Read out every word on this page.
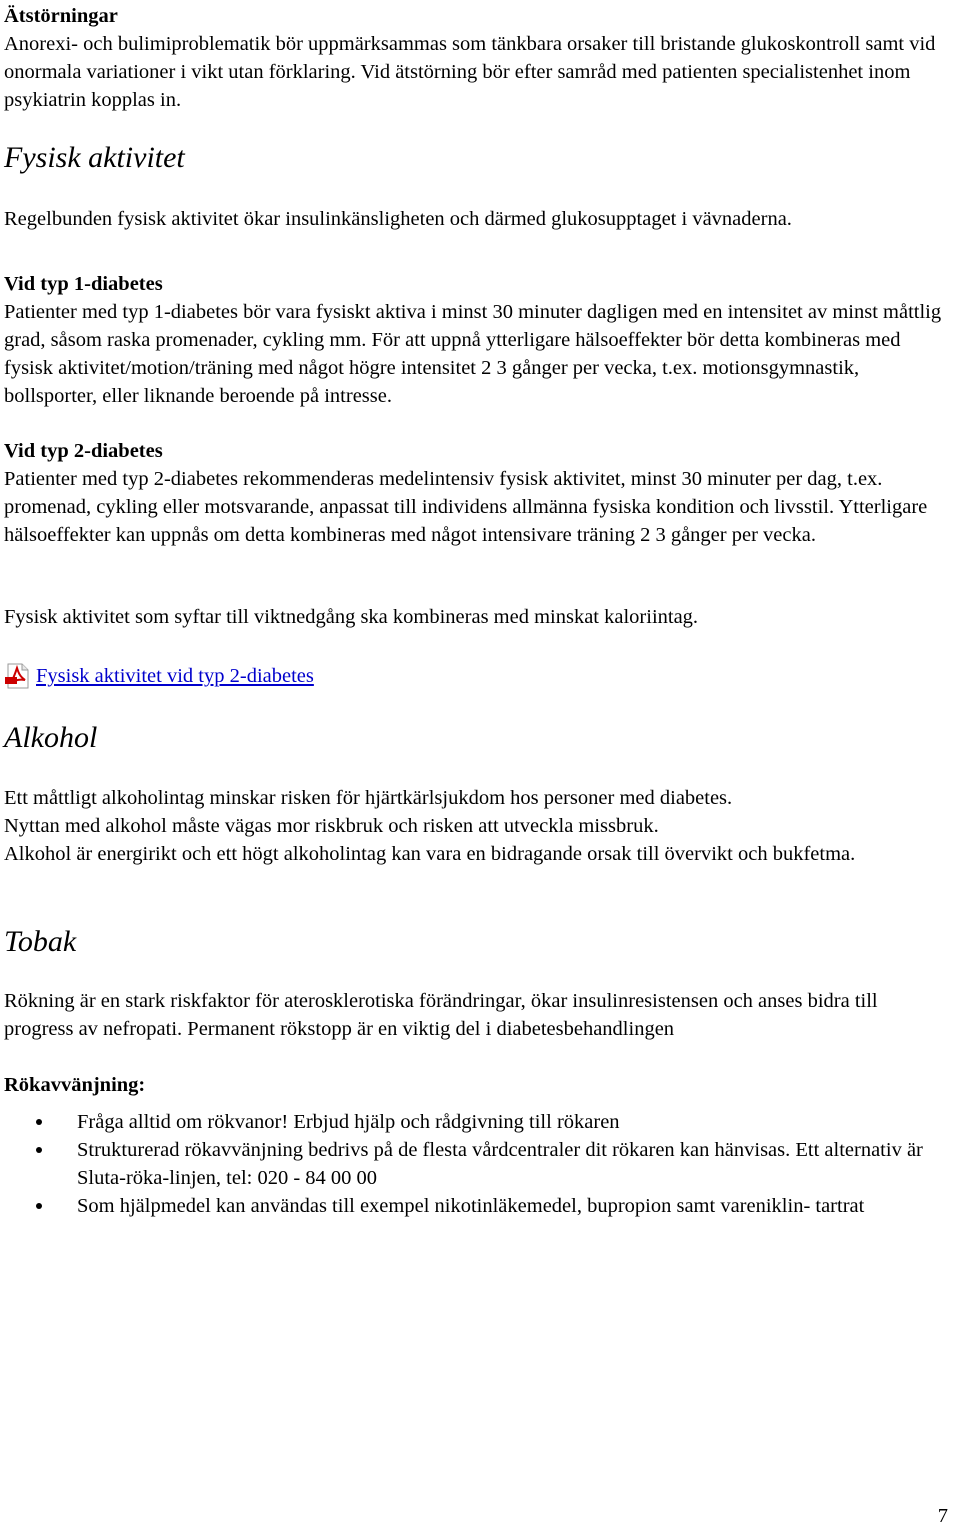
Ätstörningar

Anorexi- och bulimiproblematik bör uppmärksammas som tänkbara orsaker till bristande glukoskontroll samt vid onormala variationer i vikt utan förklaring. Vid ätstörning bör efter samråd med patienten specialistenhet inom psykiatrin kopplas in.

Fysisk aktivitet

Regelbunden fysisk aktivitet ökar insulinkänsligheten och därmed glukosupptaget i vävnaderna.

Vid typ 1-diabetes

Patienter med typ 1-diabetes bör vara fysiskt aktiva i minst 30 minuter dagligen med en intensitet av minst måttlig grad, såsom raska promenader, cykling mm. För att uppnå ytterligare hälsoeffekter bör detta kombineras med fysisk aktivitet/motion/träning med något högre intensitet 2 3 gånger per vecka, t.ex. motionsgymnastik, bollsporter, eller liknande beroende på intresse.

Vid typ 2-diabetes

Patienter med typ 2-diabetes rekommenderas medelintensiv fysisk aktivitet, minst 30 minuter per dag, t.ex. promenad, cykling eller motsvarande, anpassat till individens allmänna fysiska kondition och livsstil. Ytterligare hälsoeffekter kan uppnås om detta kombineras med något intensivare träning 2 3 gånger per vecka.

Fysisk aktivitet som syftar till viktnedgång ska kombineras med minskat kaloriintag.

Fysisk aktivitet vid typ 2-diabetes

Alkohol

Ett måttligt alkoholintag minskar risken för hjärtkärlsjukdom hos personer med diabetes.

Nyttan med alkohol måste vägas mor riskbruk och risken att utveckla missbruk.

Alkohol är energirikt och ett högt alkoholintag kan vara en bidragande orsak till övervikt och bukfetma.

Tobak

Rökning är en stark riskfaktor för aterosklerotiska förändringar, ökar insulinresistensen och anses bidra till progress av nefropati. Permanent rökstopp är en viktig del i diabetesbehandlingen

Rökavvänjning:

Fråga alltid om rökvanor! Erbjud hjälp och rådgivning till rökaren
Strukturerad rökavvänjning bedrivs på de flesta vårdcentraler dit rökaren kan hänvisas. Ett alternativ är Sluta-röka-linjen, tel: 020 - 84 00 00
Som hjälpmedel kan användas till exempel nikotinläkemedel, bupropion samt vareniklin- tartrat
7
